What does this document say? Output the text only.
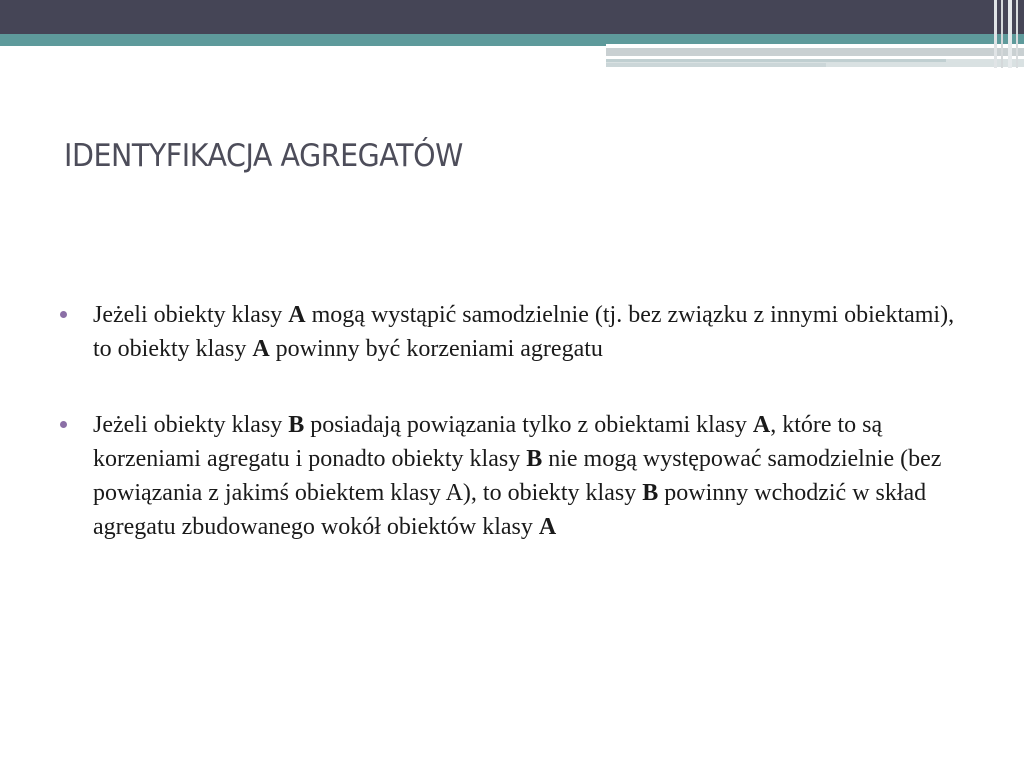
IDENTYFIKACJA AGREGATÓW
Jeżeli obiekty klasy A mogą wystąpić samodzielnie (tj. bez związku z innymi obiektami), to obiekty klasy A powinny być korzeniami agregatu
Jeżeli obiekty klasy B posiadają powiązania tylko z obiektami klasy A, które to są korzeniami agregatu i ponadto obiekty klasy B nie mogą występować samodzielnie (bez powiązania z jakimś obiektem klasy A), to obiekty klasy B powinny wchodzić w skład agregatu zbudowanego wokół obiektów klasy A
